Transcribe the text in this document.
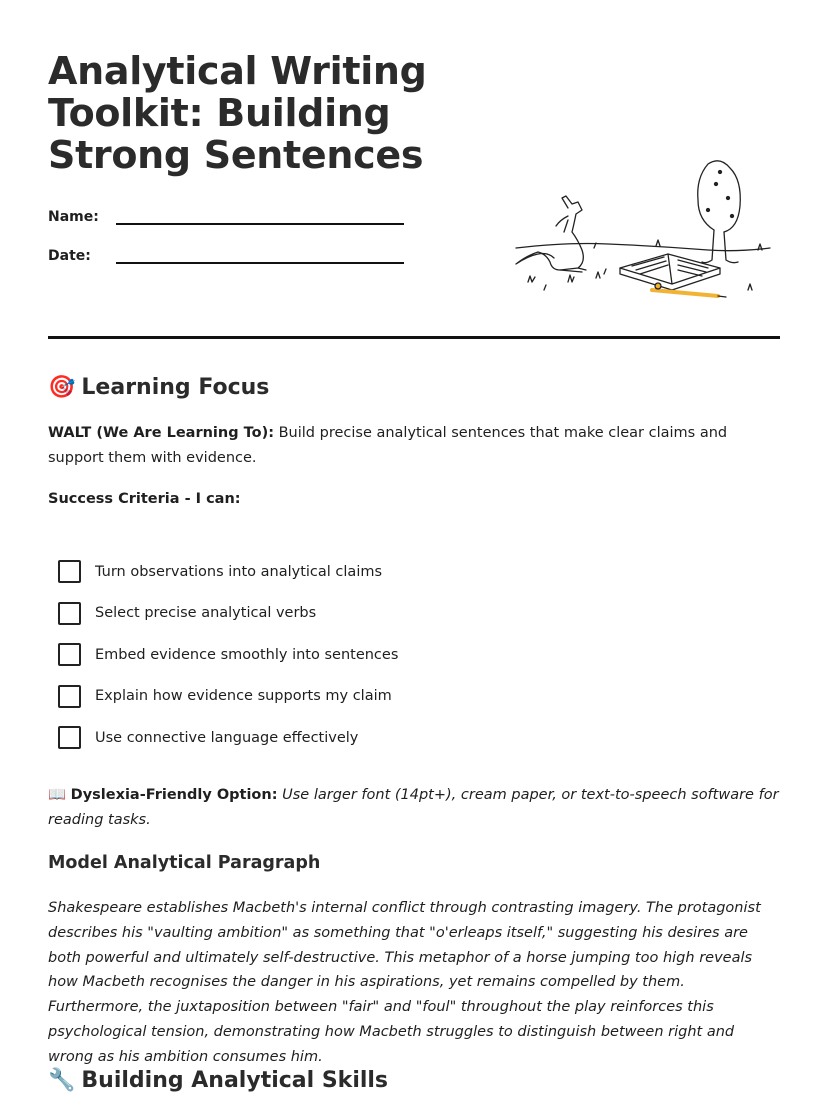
Analytical Writing Toolkit: Building Strong Sentences
Name:
Date:
🎯 Learning Focus

WALT (We Are Learning To): Build precise analytical sentences that make clear claims and support them with evidence.

Success Criteria - I can:

Turn observations into analytical claims
Select precise analytical verbs
Embed evidence smoothly into sentences
Explain how evidence supports my claim
Use connective language effectively

📖 Dyslexia-Friendly Option: Use larger font (14pt+), cream paper, or text-to-speech software for reading tasks.

Model Analytical Paragraph

Shakespeare establishes Macbeth's internal conflict through contrasting imagery. The protagonist describes his "vaulting ambition" as something that "o'erleaps itself," suggesting his desires are both powerful and ultimately self-destructive. This metaphor of a horse jumping too high reveals how Macbeth recognises the danger in his aspirations, yet remains compelled by them. Furthermore, the juxtaposition between "fair" and "foul" throughout the play reinforces this psychological tension, demonstrating how Macbeth struggles to distinguish between right and wrong as his ambition consumes him.

🔧 Building Analytical Skills
